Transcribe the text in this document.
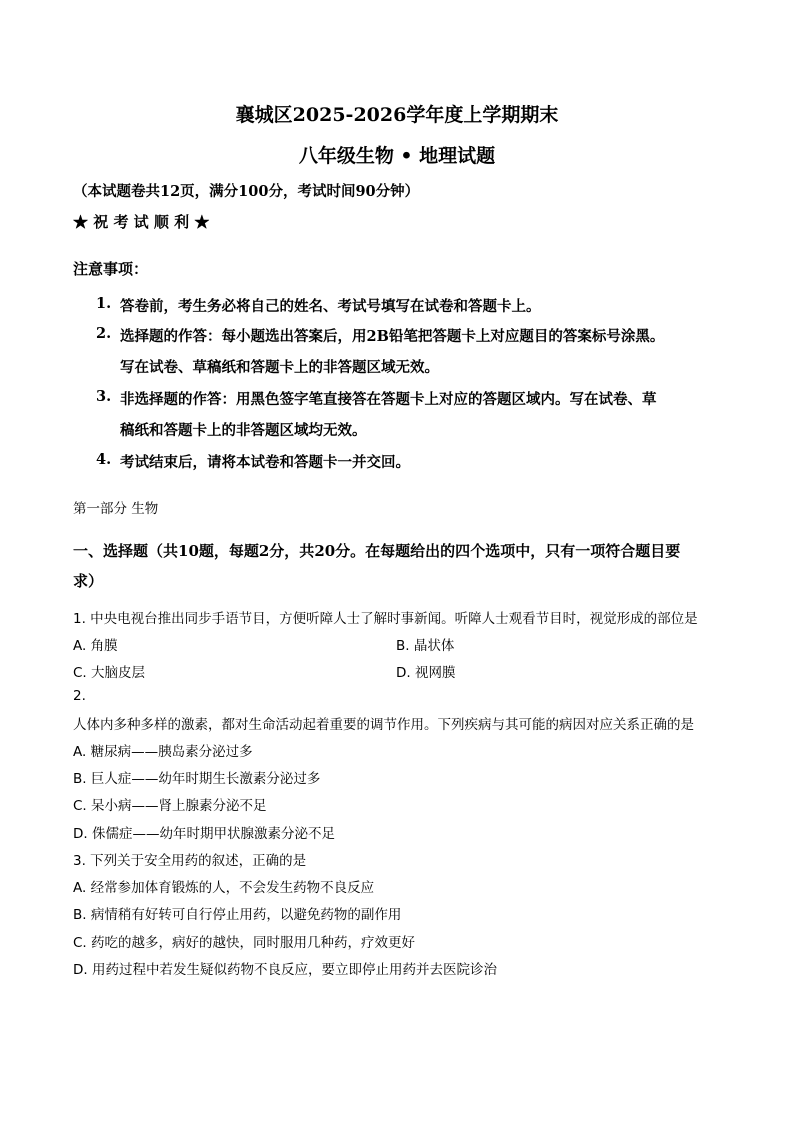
襄城区2025-2026学年度上学期期末
八年级生物 • 地理试题
（本试题卷共12页，满分100分，考试时间90分钟）
★ 祝 考 试 顺 利 ★
注意事项：
1. 答卷前，考生务必将自己的姓名、考试号填写在试卷和答题卡上。
2. 选择题的作答：每小题选出答案后，用2B铅笔把答题卡上对应题目的答案标号涂黑。
写在试卷、草稿纸和答题卡上的非答题区域无效。
3. 非选择题的作答：用黑色签字笔直接答在答题卡上对应的答题区域内。写在试卷、草
稿纸和答题卡上的非答题区域均无效。
4. 考试结束后，请将本试卷和答题卡一并交回。
第一部分 生物
一、选择题（共10题，每题2分，共20分。在每题给出的四个选项中，只有一项符合题目要
求）
1. 中央电视台推出同步手语节目，方便听障人士了解时事新闻。听障人士观看节目时，视觉形成的部位是
A. 角膜	B. 晶状体
C. 大脑皮层	D. 视网膜
2.
人体内多种多样的激素，都对生命活动起着重要的调节作用。下列疾病与其可能的病因对应关系正确的是
A. 糖尿病——胰岛素分泌过多
B. 巨人症——幼年时期生长激素分泌过多
C. 呆小病——肾上腺素分泌不足
D. 侏儒症——幼年时期甲状腺激素分泌不足
3. 下列关于安全用药的叙述，正确的是
A. 经常参加体育锻炼的人，不会发生药物不良反应
B. 病情稍有好转可自行停止用药，以避免药物的副作用
C. 药吃的越多，病好的越快，同时服用几种药，疗效更好
D. 用药过程中若发生疑似药物不良反应，要立即停止用药并去医院诊治
